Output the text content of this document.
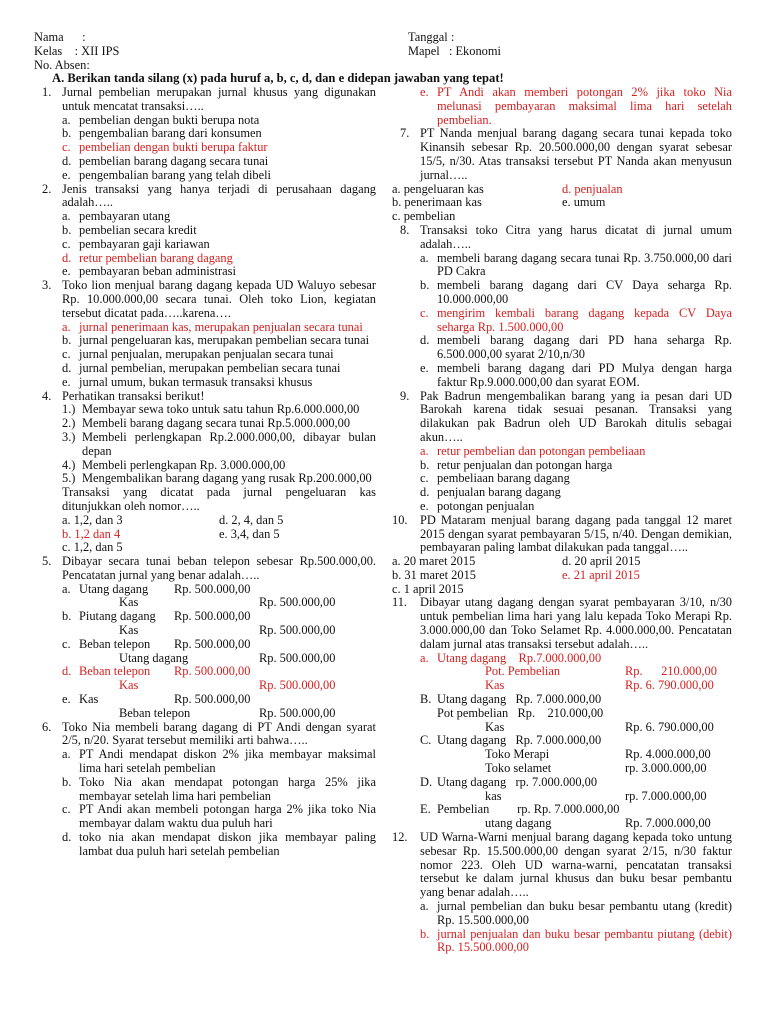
Nama      :
Kelas    : XII IPS
No. Absen:
Tanggal :
Mapel   : Ekonomi
A. Berikan tanda silang (x) pada huruf a, b, c, d, dan e didepan jawaban yang tepat!
1. Jurnal pembelian merupakan jurnal khusus yang digunakan untuk mencatat transaksi…..
a. pembelian dengan bukti berupa nota
b. pengembalian barang dari konsumen
c. pembelian dengan bukti berupa faktur
d. pembelian barang dagang secara tunai
e. pengembalian barang yang telah dibeli
2. Jenis transaksi yang hanya terjadi di perusahaan dagang adalah…..
a. pembayaran utang
b. pembelian secara kredit
c. pembayaran gaji kariawan
d. retur pembelian barang dagang
e. pembayaran beban administrasi
3. Toko lion menjual barang dagang kepada UD Waluyo sebesar Rp. 10.000.000,00 secara tunai. Oleh toko Lion, kegiatan tersebut dicatat pada…..karena….
a. jurnal penerimaan kas, merupakan penjualan secara tunai
b. jurnal pengeluaran kas, merupakan pembelian secara tunai
c. jurnal penjualan, merupakan penjualan secara tunai
d. jurnal pembelian, merupakan pembelian secara tunai
e. jurnal umum, bukan termasuk transaksi khusus
4. Perhatikan transaksi berikut!
1.) Membayar sewa toko untuk satu tahun Rp.6.000.000,00
2.) Membeli barang dagang secara tunai Rp.5.000.000,00
3.) Membeli perlengkapan Rp.2.000.000,00, dibayar bulan depan
4.) Membeli perlengkapan Rp. 3.000.000,00
5.) Mengembalikan barang dagang yang rusak Rp.200.000,00
Transaksi yang dicatat pada jurnal pengeluaran kas ditunjukkan oleh nomor…..
a. 1,2, dan 3	d. 2, 4, dan 5
b. 1,2 dan 4	e. 3,4, dan 5
c. 1,2, dan 5
5. Dibayar secara tunai beban telepon sebesar Rp.500.000,00. Pencatatan jurnal yang benar adalah…..
a. Utang dagang	Rp. 500.000,00
Kas	Rp. 500.000,00
b. Piutang dagang	Rp. 500.000,00
Kas	Rp. 500.000,00
c. Beban telepon	Rp. 500.000,00
Utang dagang	Rp. 500.000,00
d. Beban telepon	Rp. 500.000,00
Kas	Rp. 500.000,00
e. Kas	Rp. 500.000,00
Beban telepon	Rp. 500.000,00
6. Toko Nia membeli barang dagang di PT Andi dengan syarat 2/5, n/20. Syarat tersebut memiliki arti bahwa…..
a. PT Andi mendapat diskon 2% jika membayar maksimal lima hari setelah pembelian
b. Toko Nia akan mendapat potongan harga 25% jika membayar setelah lima hari pembelian
c. PT Andi akan membeli potongan harga 2% jika toko Nia membayar dalam waktu dua puluh hari
d. toko nia akan mendapat diskon jika membayar paling lambat dua puluh hari setelah pembelian
e. PT Andi akan memberi potongan 2% jika toko Nia melunasi pembayaran maksimal lima hari setelah pembelian.
7. PT Nanda menjual barang dagang secara tunai kepada toko Kinansih sebesar Rp. 20.500.000,00 dengan syarat sebesar 15/5, n/30. Atas transaksi tersebut PT Nanda akan menyusun jurnal…..
a. pengeluaran kas	d. penjualan
b. penerimaan kas	e. umum
c. pembelian
8. Transaksi toko Citra yang harus dicatat di jurnal umum adalah…..
a. membeli barang dagang secara tunai Rp. 3.750.000,00 dari PD Cakra
b. membeli barang dagang dari CV Daya seharga Rp. 10.000.000,00
c. mengirim kembali barang dagang kepada CV Daya seharga Rp. 1.500.000,00
d. membeli barang dagang dari PD hana seharga Rp. 6.500.000,00 syarat 2/10,n/30
e. membeli barang dagang dari PD Mulya dengan harga faktur Rp.9.000.000,00 dan syarat EOM.
9. Pak Badrun mengembalikan barang yang ia pesan dari UD Barokah karena tidak sesuai pesanan. Transaksi yang dilakukan pak Badrun oleh UD Barokah ditulis sebagai akun…..
a. retur pembelian dan potongan pembeliaan
b. retur penjualan dan potongan harga
c. pembeliaan barang dagang
d. penjualan barang dagang
e. potongan penjualan
10. PD Mataram menjual barang dagang pada tanggal 12 maret 2015 dengan syarat pembayaran 5/15, n/40. Dengan demikian, pembayaran paling lambat dilakukan pada tanggal…..
a. 20 maret 2015	d. 20 april 2015
b. 31 maret 2015	e. 21 april 2015
c. 1 april 2015
11. Dibayar utang dagang dengan syarat pembayaran 3/10, n/30 untuk pembelian lima hari yang lalu kepada Toko Merapi Rp. 3.000.000,00 dan Toko Selamet Rp. 4.000.000,00. Pencatatan dalam jurnal atas transaksi tersebut adalah…..
a. Utang dagang    Rp.7.000.000,00
Pot. Pembelian	Rp.      210.000,00
Kas	Rp. 6. 790.000,00
B. Utang dagang   Rp. 7.000.000,00
Pot pembelian   Rp.    210.000,00
Kas	Rp. 6. 790.000,00
C. Utang dagang   Rp. 7.000.000,00
Toko Merapi	Rp. 4.000.000,00
Toko selamet	rp. 3.000.000,00
D. Utang dagang   rp. 7.000.000,00
kas	rp. 7.000.000,00
E. Pembelian         rp. Rp. 7.000.000,00
utang dagang	Rp. 7.000.000,00
12. UD Warna-Warni menjual barang dagang kepada toko untung sebesar Rp. 15.500.000,00 dengan syarat 2/15, n/30 faktur nomor 223. Oleh UD warna-warni, pencatatan transaksi tersebut ke dalam jurnal khusus dan buku besar pembantu yang benar adalah…..
a. jurnal pembelian dan buku besar pembantu utang (kredit) Rp. 15.500.000,00
b. jurnal penjualan dan buku besar pembantu piutang (debit) Rp. 15.500.000,00
